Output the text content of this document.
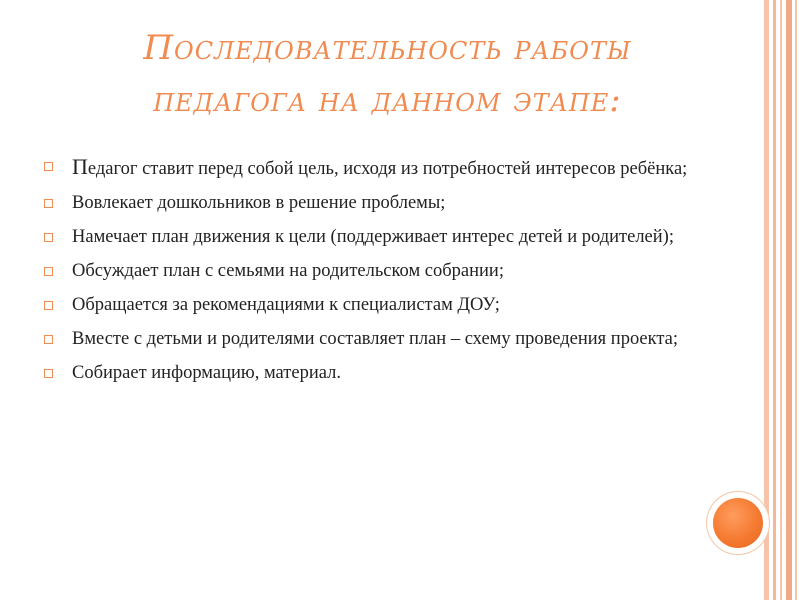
Последовательность работы
педагога на данном этапе:
Педагог ставит перед собой цель, исходя из потребностей интересов ребёнка;
Вовлекает дошкольников в решение проблемы;
Намечает план движения к цели (поддерживает интерес детей и родителей);
Обсуждает план с семьями на родительском собрании;
Обращается за рекомендациями к специалистам ДОУ;
Вместе с детьми и родителями составляет план – схему проведения проекта;
Собирает информацию, материал.
